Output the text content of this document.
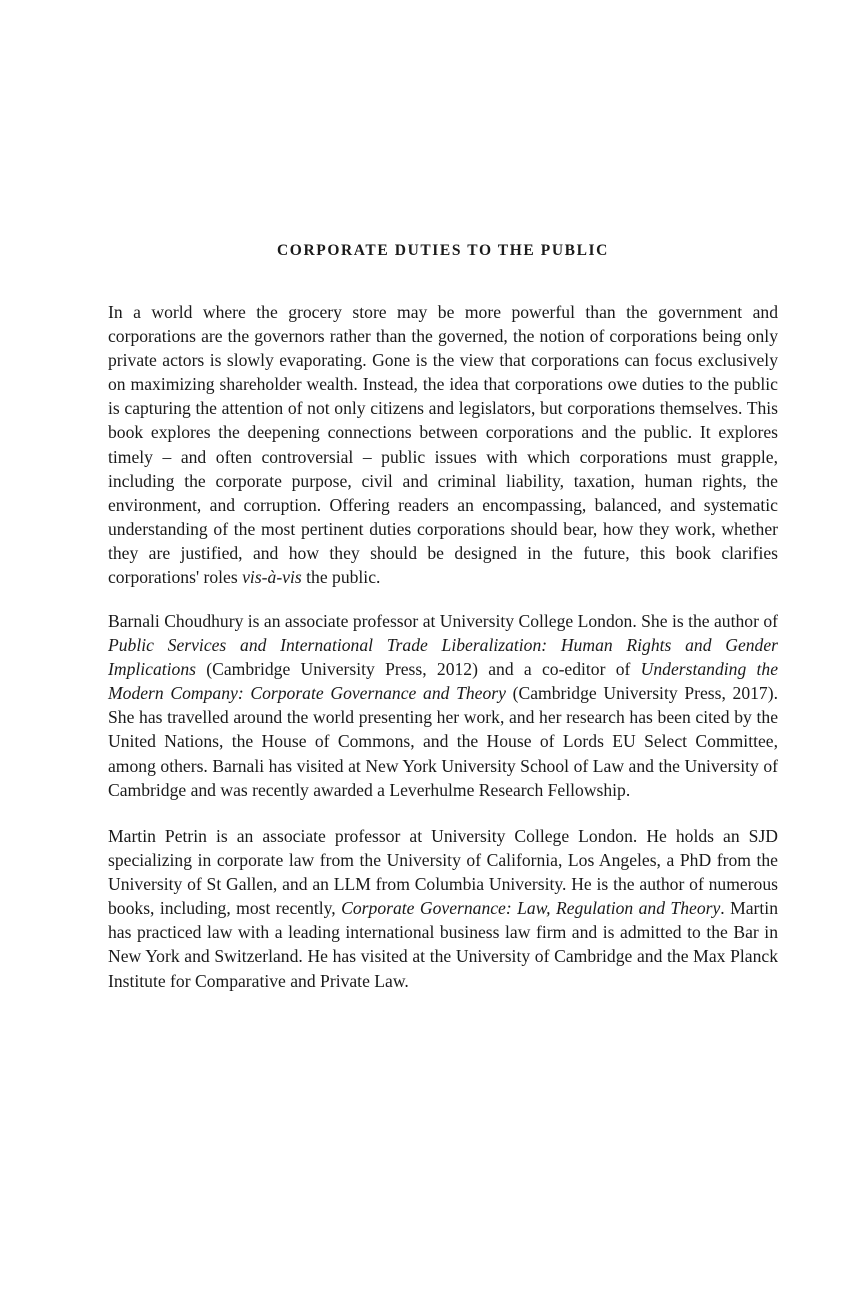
CORPORATE DUTIES TO THE PUBLIC

In a world where the grocery store may be more powerful than the government and corporations are the governors rather than the governed, the notion of corporations being only private actors is slowly evaporating. Gone is the view that corporations can focus exclusively on maximizing shareholder wealth. Instead, the idea that corporations owe duties to the public is capturing the attention of not only citizens and legislators, but corporations themselves. This book explores the deepening connections between corporations and the public. It explores timely – and often controversial – public issues with which corporations must grapple, including the corporate purpose, civil and criminal liability, taxation, human rights, the environment, and corruption. Offering readers an encompassing, balanced, and systematic understanding of the most pertinent duties corporations should bear, how they work, whether they are justified, and how they should be designed in the future, this book clarifies corporations' roles vis-à-vis the public.

Barnali Choudhury is an associate professor at University College London. She is the author of Public Services and International Trade Liberalization: Human Rights and Gender Implications (Cambridge University Press, 2012) and a co-editor of Understanding the Modern Company: Corporate Governance and Theory (Cambridge University Press, 2017). She has travelled around the world presenting her work, and her research has been cited by the United Nations, the House of Commons, and the House of Lords EU Select Committee, among others. Barnali has visited at New York University School of Law and the University of Cambridge and was recently awarded a Leverhulme Research Fellowship.

Martin Petrin is an associate professor at University College London. He holds an SJD specializing in corporate law from the University of California, Los Angeles, a PhD from the University of St Gallen, and an LLM from Columbia University. He is the author of numerous books, including, most recently, Corporate Governance: Law, Regulation and Theory. Martin has practiced law with a leading international business law firm and is admitted to the Bar in New York and Switzerland. He has visited at the University of Cambridge and the Max Planck Institute for Comparative and Private Law.
